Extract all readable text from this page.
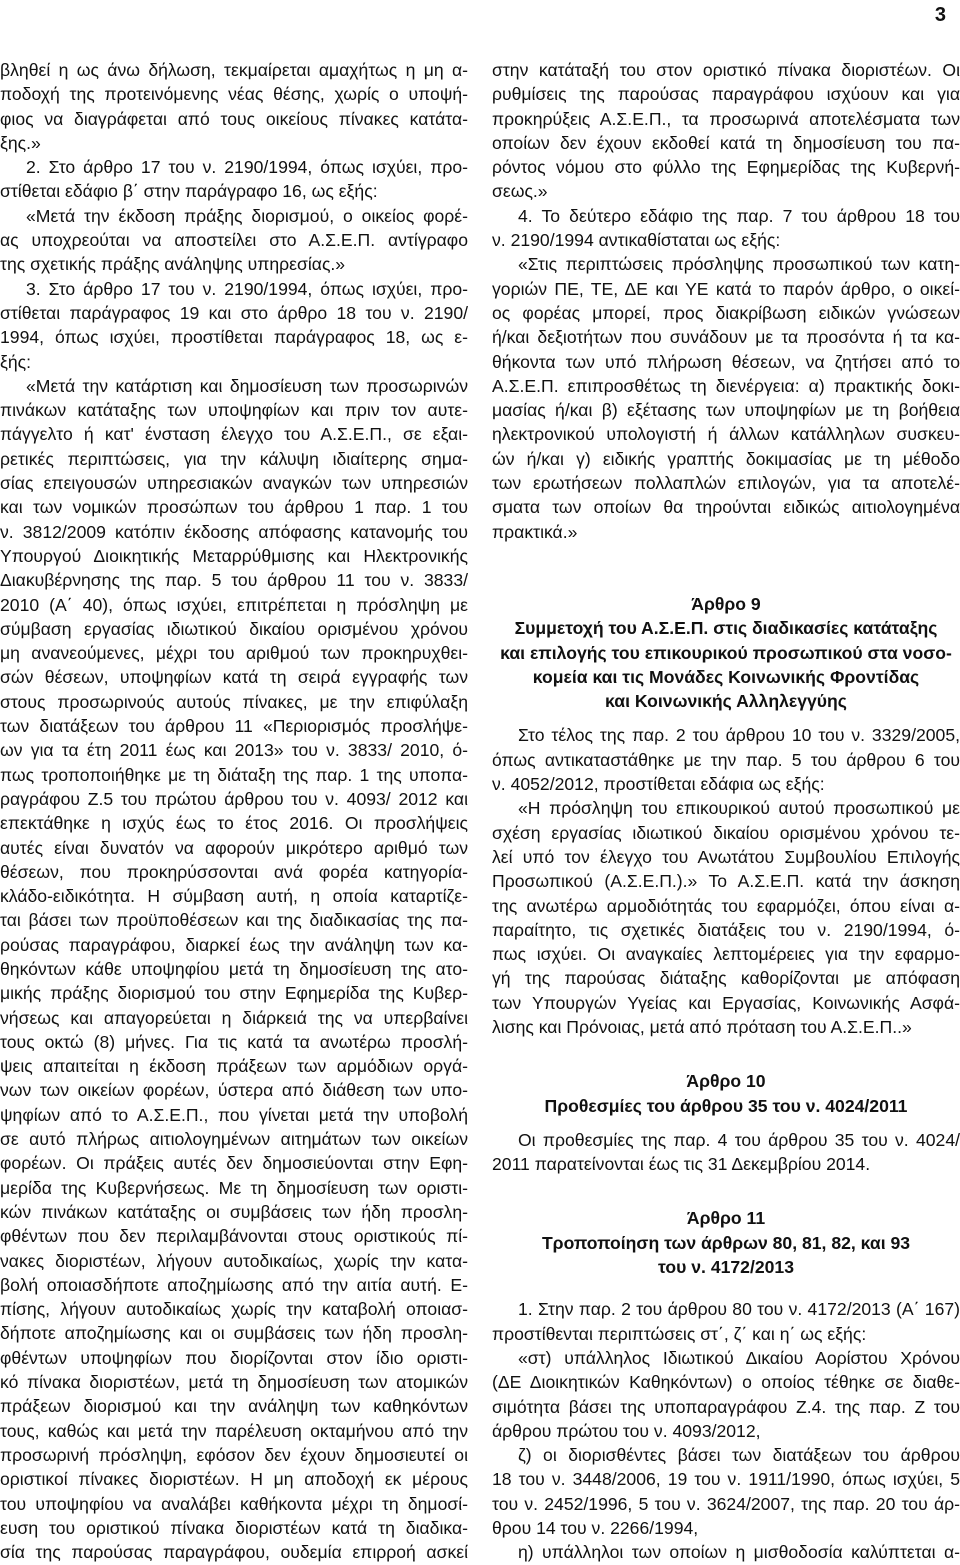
3
βληθεί η ως άνω δήλωση, τεκμαίρεται αμαχήτως η μη α-
ποδοχή της προτεινόμενης νέας θέσης, χωρίς ο υποψή-
φιος να διαγράφεται από τους οικείους πίνακες κατάτα-
ξης.»
2. Στο άρθρο 17 του ν. 2190/1994, όπως ισχύει, προ-
στίθεται εδάφιο β΄ στην παράγραφο 16, ως εξής:
«Μετά την έκδοση πράξης διορισμού, ο οικείος φορέ-
ας υποχρεούται να αποστείλει στο Α.Σ.Ε.Π. αντίγραφο
της σχετικής πράξης ανάληψης υπηρεσίας.»
3. Στο άρθρο 17 του ν. 2190/1994, όπως ισχύει, προ-
στίθεται παράγραφος 19 και στο άρθρο 18 του ν. 2190/
1994, όπως ισχύει, προστίθεται παράγραφος 18, ως ε-
ξής:
«Μετά την κατάρτιση και δημοσίευση των προσωρινών
πινάκων κατάταξης των υποψηφίων και πριν τον αυτε-
πάγγελτο ή κατ' ένσταση έλεγχο του Α.Σ.Ε.Π., σε εξαι-
ρετικές περιπτώσεις, για την κάλυψη ιδιαίτερης σημα-
σίας επειγουσών υπηρεσιακών αναγκών των υπηρεσιών
και των νομικών προσώπων του άρθρου 1 παρ. 1 του
ν. 3812/2009 κατόπιν έκδοσης απόφασης κατανομής του
Υπουργού Διοικητικής Μεταρρύθμισης και Ηλεκτρονικής
Διακυβέρνησης της παρ. 5 του άρθρου 11 του ν. 3833/
2010 (Α΄ 40), όπως ισχύει, επιτρέπεται η πρόσληψη με
σύμβαση εργασίας ιδιωτικού δικαίου ορισμένου χρόνου
μη ανανεούμενες, μέχρι του αριθμού των προκηρυχθει-
σών θέσεων, υποψηφίων κατά τη σειρά εγγραφής των
στους προσωρινούς αυτούς πίνακες, με την επιφύλαξη
των διατάξεων του άρθρου 11 «Περιορισμός προσλήψε-
ων για τα έτη 2011 έως και 2013» του ν. 3833/ 2010, ό-
πως τροποποιήθηκε με τη διάταξη της παρ. 1 της υποπα-
ραγράφου Ζ.5 του πρώτου άρθρου του ν. 4093/ 2012 και
επεκτάθηκε η ισχύς έως το έτος 2016. Οι προσλήψεις
αυτές είναι δυνατόν να αφορούν μικρότερο αριθμό των
θέσεων, που προκηρύσσονται ανά φορέα κατηγορία-
κλάδο-ειδικότητα. Η σύμβαση αυτή, η οποία καταρτίζε-
ται βάσει των προϋποθέσεων και της διαδικασίας της πα-
ρούσας παραγράφου, διαρκεί έως την ανάληψη των κα-
θηκόντων κάθε υποψηφίου μετά τη δημοσίευση της ατο-
μικής πράξης διορισμού του στην Εφημερίδα της Κυβερ-
νήσεως και απαγορεύεται η διάρκειά της να υπερβαίνει
τους οκτώ (8) μήνες. Για τις κατά τα ανωτέρω προσλή-
ψεις απαιτείται η έκδοση πράξεων των αρμόδιων οργά-
νων των οικείων φορέων, ύστερα από διάθεση των υπο-
ψηφίων από το Α.Σ.Ε.Π., που γίνεται μετά την υποβολή
σε αυτό πλήρως αιτιολογημένων αιτημάτων των οικείων
φορέων. Οι πράξεις αυτές δεν δημοσιεύονται στην Εφη-
μερίδα της Κυβερνήσεως. Με τη δημοσίευση των οριστι-
κών πινάκων κατάταξης οι συμβάσεις των ήδη προσλη-
φθέντων που δεν περιλαμβάνονται στους οριστικούς πί-
νακες διοριστέων, λήγουν αυτοδικαίως, χωρίς την κατα-
βολή οποιασδήποτε αποζημίωσης από την αιτία αυτή. Ε-
πίσης, λήγουν αυτοδικαίως χωρίς την καταβολή οποιασ-
δήποτε αποζημίωσης και οι συμβάσεις των ήδη προσλη-
φθέντων υποψηφίων που διορίζονται στον ίδιο οριστι-
κό πίνακα διοριστέων, μετά τη δημοσίευση των ατομικών
πράξεων διορισμού και την ανάληψη των καθηκόντων
τους, καθώς και μετά την παρέλευση οκταμήνου από την
προσωρινή πρόσληψη, εφόσον δεν έχουν δημοσιευτεί οι
οριστικοί πίνακες διοριστέων. Η μη αποδοχή εκ μέρους
του υποψηφίου να αναλάβει καθήκοντα μέχρι τη δημοσί-
ευση του οριστικού πίνακα διοριστέων κατά τη διαδικα-
σία της παρούσας παραγράφου, ουδεμία επιρροή ασκεί
στην κατάταξή του στον οριστικό πίνακα διοριστέων. Οι
ρυθμίσεις της παρούσας παραγράφου ισχύουν και για
προκηρύξεις Α.Σ.Ε.Π., τα προσωρινά αποτελέσματα των
οποίων δεν έχουν εκδοθεί κατά τη δημοσίευση του πα-
ρόντος νόμου στο φύλλο της Εφημερίδας της Κυβερνή-
σεως.»
4. Το δεύτερο εδάφιο της παρ. 7 του άρθρου 18 του
ν. 2190/1994 αντικαθίσταται ως εξής:
«Στις περιπτώσεις πρόσληψης προσωπικού των κατη-
γοριών ΠΕ, ΤΕ, ΔΕ και ΥΕ κατά το παρόν άρθρο, ο οικεί-
ος φορέας μπορεί, προς διακρίβωση ειδικών γνώσεων
ή/και δεξιοτήτων που συνάδουν με τα προσόντα ή τα κα-
θήκοντα των υπό πλήρωση θέσεων, να ζητήσει από το
Α.Σ.Ε.Π. επιπροσθέτως τη διενέργεια: α) πρακτικής δοκι-
μασίας ή/και β) εξέτασης των υποψηφίων με τη βοήθεια
ηλεκτρονικού υπολογιστή ή άλλων κατάλληλων συσκευ-
ών ή/και γ) ειδικής γραπτής δοκιμασίας με τη μέθοδο
των ερωτήσεων πολλαπλών επιλογών, για τα αποτελέ-
σματα των οποίων θα τηρούνται ειδικώς αιτιολογημένα
πρακτικά.»
Άρθρο 9
Συμμετοχή του Α.Σ.Ε.Π. στις διαδικασίες κατάταξης
και επιλογής του επικουρικού προσωπικού στα νοσο-
κομεία και τις Μονάδες Κοινωνικής Φροντίδας
και Κοινωνικής Αλληλεγγύης
Στο τέλος της παρ. 2 του άρθρου 10 του ν. 3329/2005,
όπως αντικαταστάθηκε με την παρ. 5 του άρθρου 6 του
ν. 4052/2012, προστίθεται εδάφια ως εξής:
«Η πρόσληψη του επικουρικού αυτού προσωπικού με
σχέση εργασίας ιδιωτικού δικαίου ορισμένου χρόνου τε-
λεί υπό τον έλεγχο του Ανωτάτου Συμβουλίου Επιλογής
Προσωπικού (Α.Σ.Ε.Π.).» Το Α.Σ.Ε.Π. κατά την άσκηση
της ανωτέρω αρμοδιότητάς του εφαρμόζει, όπου είναι α-
παραίτητο, τις σχετικές διατάξεις του ν. 2190/1994, ό-
πως ισχύει. Οι αναγκαίες λεπτομέρειες για την εφαρμο-
γή της παρούσας διάταξης καθορίζονται με απόφαση
των Υπουργών Υγείας και Εργασίας, Κοινωνικής Ασφά-
λισης και Πρόνοιας, μετά από πρόταση του Α.Σ.Ε.Π..»
Άρθρο 10
Προθεσμίες του άρθρου 35 του ν. 4024/2011
Οι προθεσμίες της παρ. 4 του άρθρου 35 του ν. 4024/
2011 παρατείνονται έως τις 31 Δεκεμβρίου 2014.
Άρθρο 11
Τροποποίηση των άρθρων 80, 81, 82, και 93
του ν. 4172/2013
1. Στην παρ. 2 του άρθρου 80 του ν. 4172/2013 (Α΄ 167)
προστίθενται περιπτώσεις στ΄, ζ΄ και η΄ ως εξής:
«στ) υπάλληλος Ιδιωτικού Δικαίου Αορίστου Χρόνου
(ΔΕ Διοικητικών Καθηκόντων) ο οποίος τέθηκε σε διαθε-
σιμότητα βάσει της υποπαραγράφου Ζ.4. της παρ. Ζ του
άρθρου πρώτου του ν. 4093/2012,
ζ) οι διορισθέντες βάσει των διατάξεων του άρθρου
18 του ν. 3448/2006, 19 του ν. 1911/1990, όπως ισχύει, 5
του ν. 2452/1996, 5 του ν. 3624/2007, της παρ. 20 του άρ-
θρου 14 του ν. 2266/1994,
η) υπάλληλοι των οποίων η μισθοδοσία καλύπτεται α-
